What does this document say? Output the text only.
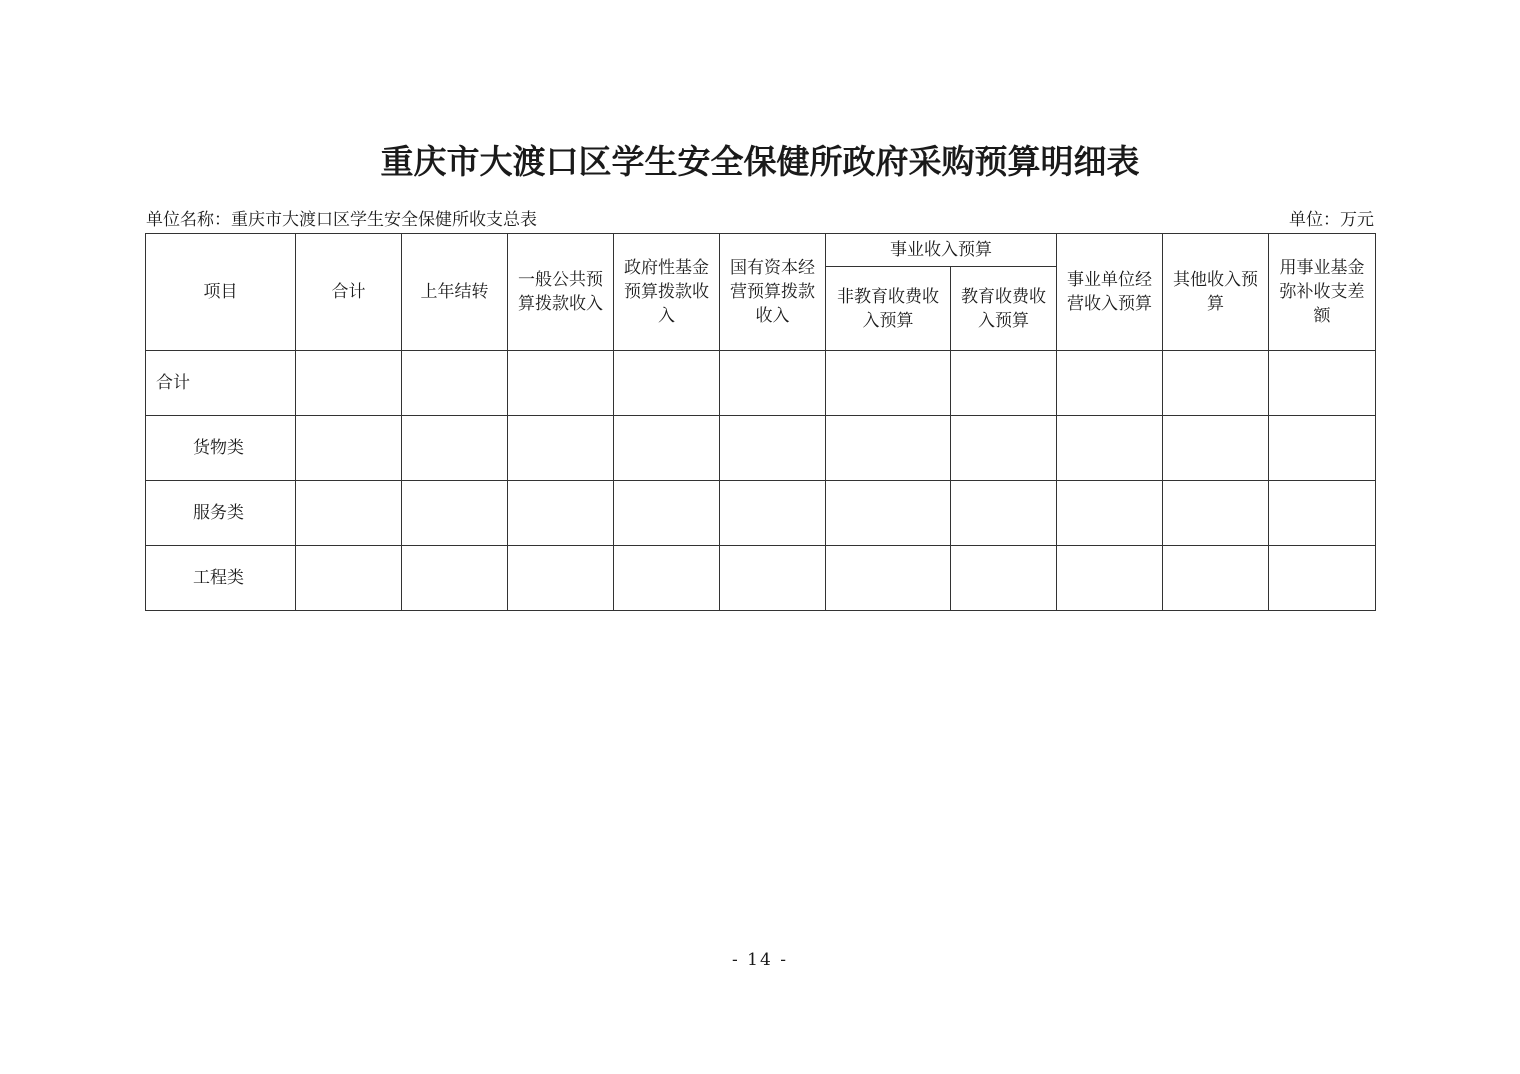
重庆市大渡口区学生安全保健所政府采购预算明细表
单位名称：重庆市大渡口区学生安全保健所收支总表	单位：万元
项目	合计	上年结转	一般公共预算拨款收入	政府性基金预算拨款收入	国有资本经营预算拨款收入	事业收入预算		事业单位经营收入预算	其他收入预算	用事业基金弥补收支差额
						非教育收费收入预算	教育收费收入预算			
合计										
货物类										
服务类										
工程类										
- 14 -
